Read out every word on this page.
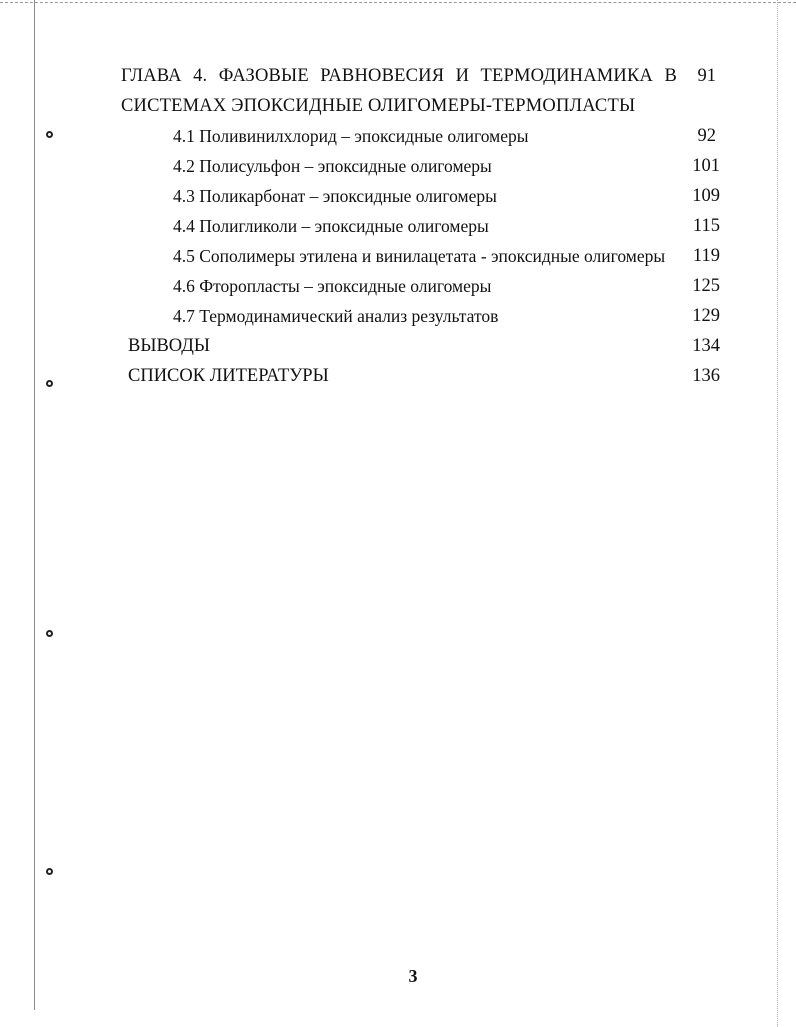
ГЛАВА 4. ФАЗОВЫЕ РАВНОВЕСИЯ И ТЕРМОДИНАМИКА В	91
СИСТЕМАХ ЭПОКСИДНЫЕ ОЛИГОМЕРЫ-ТЕРМОПЛАСТЫ
4.1 Поливинилхлорид – эпоксидные олигомеры	92
4.2 Полисульфон – эпоксидные олигомеры	101
4.3 Поликарбонат – эпоксидные олигомеры	109
4.4 Полигликоли – эпоксидные олигомеры	115
4.5 Сополимеры этилена и винилацетата - эпоксидные олигомеры	119
4.6 Фторопласты – эпоксидные олигомеры	125
4.7 Термодинамический анализ результатов	129
ВЫВОДЫ	134
СПИСОК ЛИТЕРАТУРЫ	136
3
